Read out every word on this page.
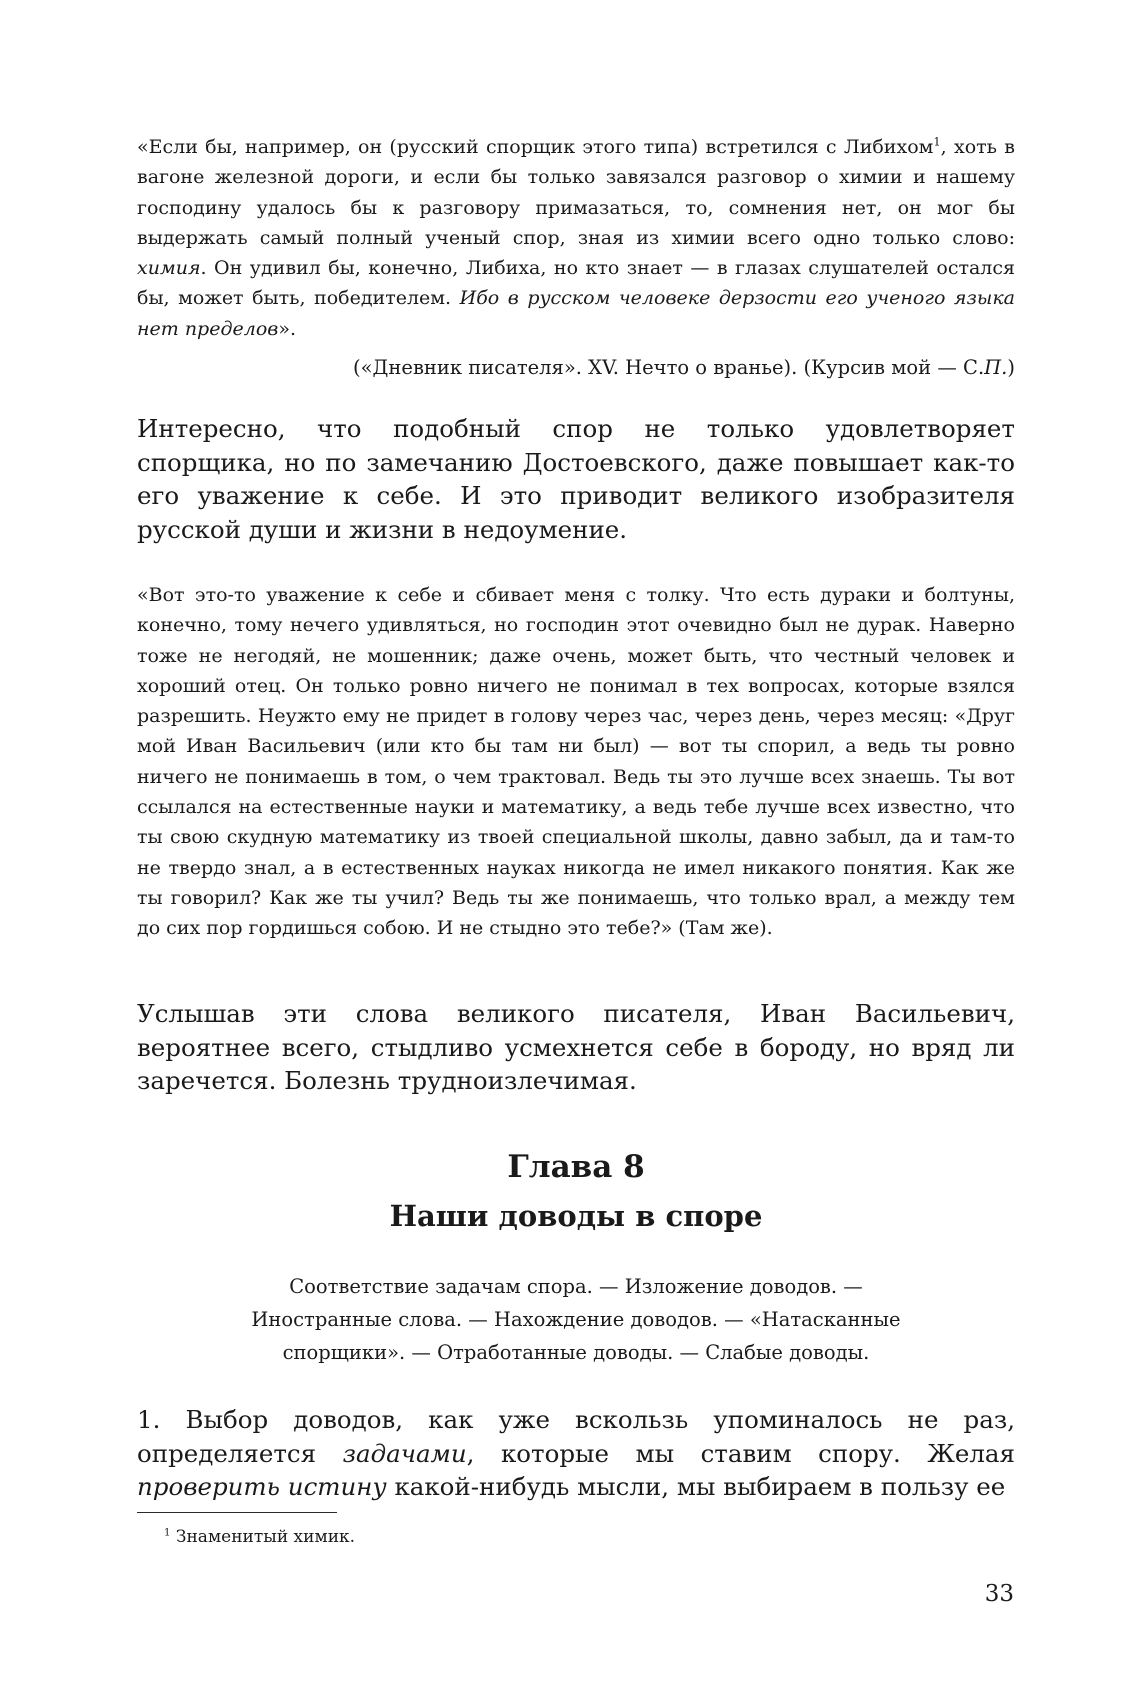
«Если бы, например, он (русский спорщик этого типа) встретился с Либихом$^1$, хоть в вагоне железной дороги, и если бы только завязался разговор о химии и нашему господину удалось бы к разговору примазаться, то, сомнения нет, он мог бы выдержать самый полный ученый спор, зная из химии всего одно только слово: химия. Он удивил бы, конечно, Либиха, но кто знает — в глазах слушателей остался бы, может быть, победителем. Ибо в русском человеке дерзости его ученого языка нет пределов».

(«Дневник писателя». XV. Нечто о вранье). (Курсив мой — С.П.)

Интересно, что подобный спор не только удовлетворяет спорщика, но по замечанию Достоевского, даже повышает как-то его уважение к себе. И это приводит великого изобразителя русской души и жизни в недоумение.

«Вот это-то уважение к себе и сбивает меня с толку. Что есть дураки и болтуны, конечно, тому нечего удивляться, но господин этот очевидно был не дурак. Наверно тоже не негодяй, не мошенник; даже очень, может быть, что честный человек и хороший отец. Он только ровно ничего не понимал в тех вопросах, которые взялся разрешить. Неужто ему не придет в голову через час, через день, через месяц: «Друг мой Иван Васильевич (или кто бы там ни был) — вот ты спорил, а ведь ты ровно ничего не понимаешь в том, о чем трактовал. Ведь ты это лучше всех знаешь. Ты вот ссылался на естественные науки и математику, а ведь тебе лучше всех известно, что ты свою скудную математику из твоей специальной школы, давно забыл, да и там-то не твердо знал, а в естественных науках никогда не имел никакого понятия. Как же ты говорил? Как же ты учил? Ведь ты же понимаешь, что только врал, а между тем до сих пор гордишься собою. И не стыдно это тебе?» (Там же).

Услышав эти слова великого писателя, Иван Васильевич, вероятнее всего, стыдливо усмехнется себе в бороду, но вряд ли заречется. Болезнь трудноизлечимая.

Глава 8
Наши доводы в споре

Соответствие задачам спора. — Изложение доводов. — Иностранные слова. — Нахождение доводов. — «Натасканные спорщики». — Отработанные доводы. — Слабые доводы.

1. Выбор доводов, как уже вскользь упоминалось не раз, определяется задачами, которые мы ставим спору. Желая проверить истину какой-нибудь мысли, мы выбираем в пользу ее

$^1$ Знаменитый химик.

33
